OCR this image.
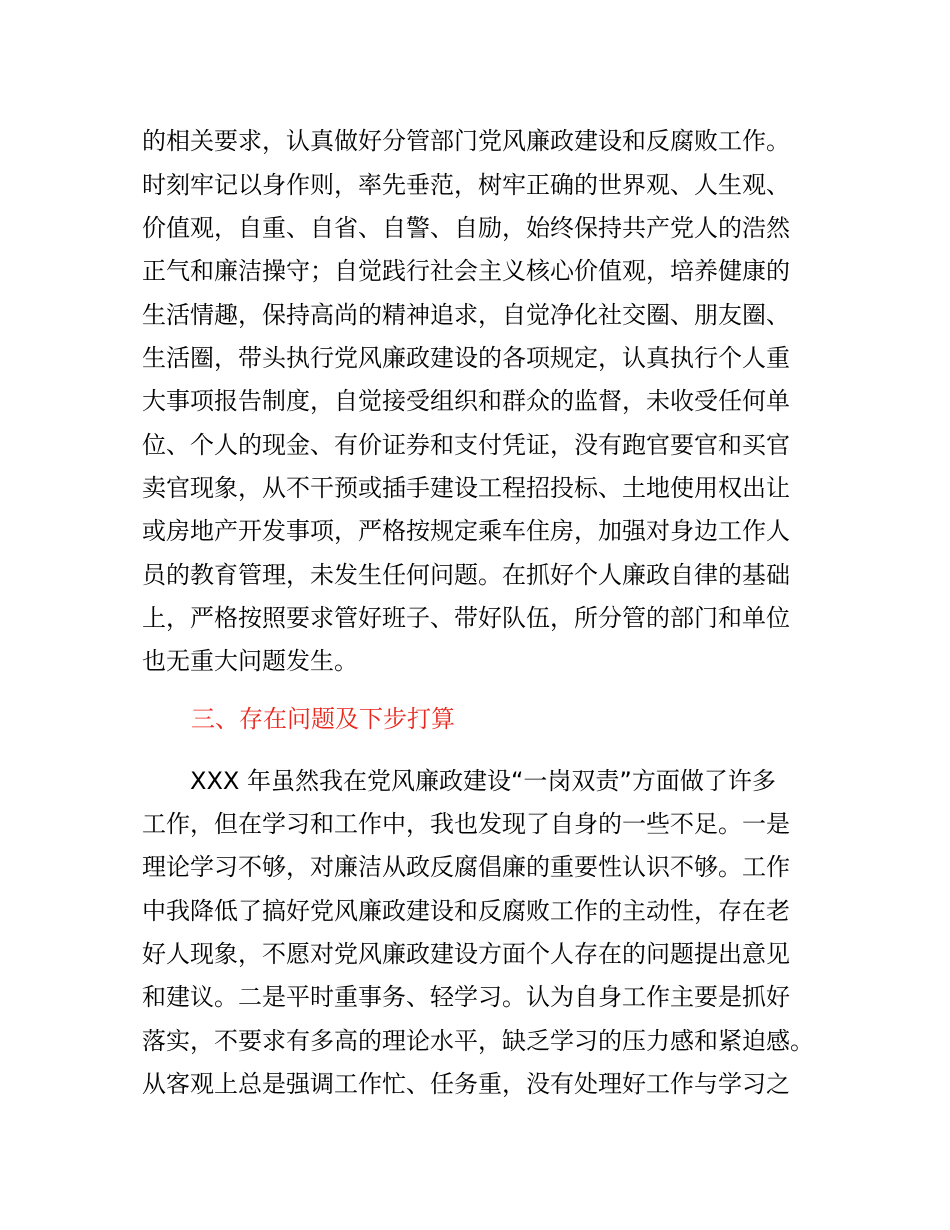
的相关要求，认真做好分管部门党风廉政建设和反腐败工作。
时刻牢记以身作则，率先垂范，树牢正确的世界观、人生观、
价值观，自重、自省、自警、自励，始终保持共产党人的浩然
正气和廉洁操守；自觉践行社会主义核心价值观，培养健康的
生活情趣，保持高尚的精神追求，自觉净化社交圈、朋友圈、
生活圈，带头执行党风廉政建设的各项规定，认真执行个人重
大事项报告制度，自觉接受组织和群众的监督，未收受任何单
位、个人的现金、有价证券和支付凭证，没有跑官要官和买官
卖官现象，从不干预或插手建设工程招投标、土地使用权出让
或房地产开发事项，严格按规定乘车住房，加强对身边工作人
员的教育管理，未发生任何问题。在抓好个人廉政自律的基础
上，严格按照要求管好班子、带好队伍，所分管的部门和单位
也无重大问题发生。
三、存在问题及下步打算
XXX 年虽然我在党风廉政建设“一岗双责”方面做了许多
工作，但在学习和工作中，我也发现了自身的一些不足。一是
理论学习不够，对廉洁从政反腐倡廉的重要性认识不够。工作
中我降低了搞好党风廉政建设和反腐败工作的主动性，存在老
好人现象，不愿对党风廉政建设方面个人存在的问题提出意见
和建议。二是平时重事务、轻学习。认为自身工作主要是抓好
落实，不要求有多高的理论水平，缺乏学习的压力感和紧迫感。
从客观上总是强调工作忙、任务重，没有处理好工作与学习之
